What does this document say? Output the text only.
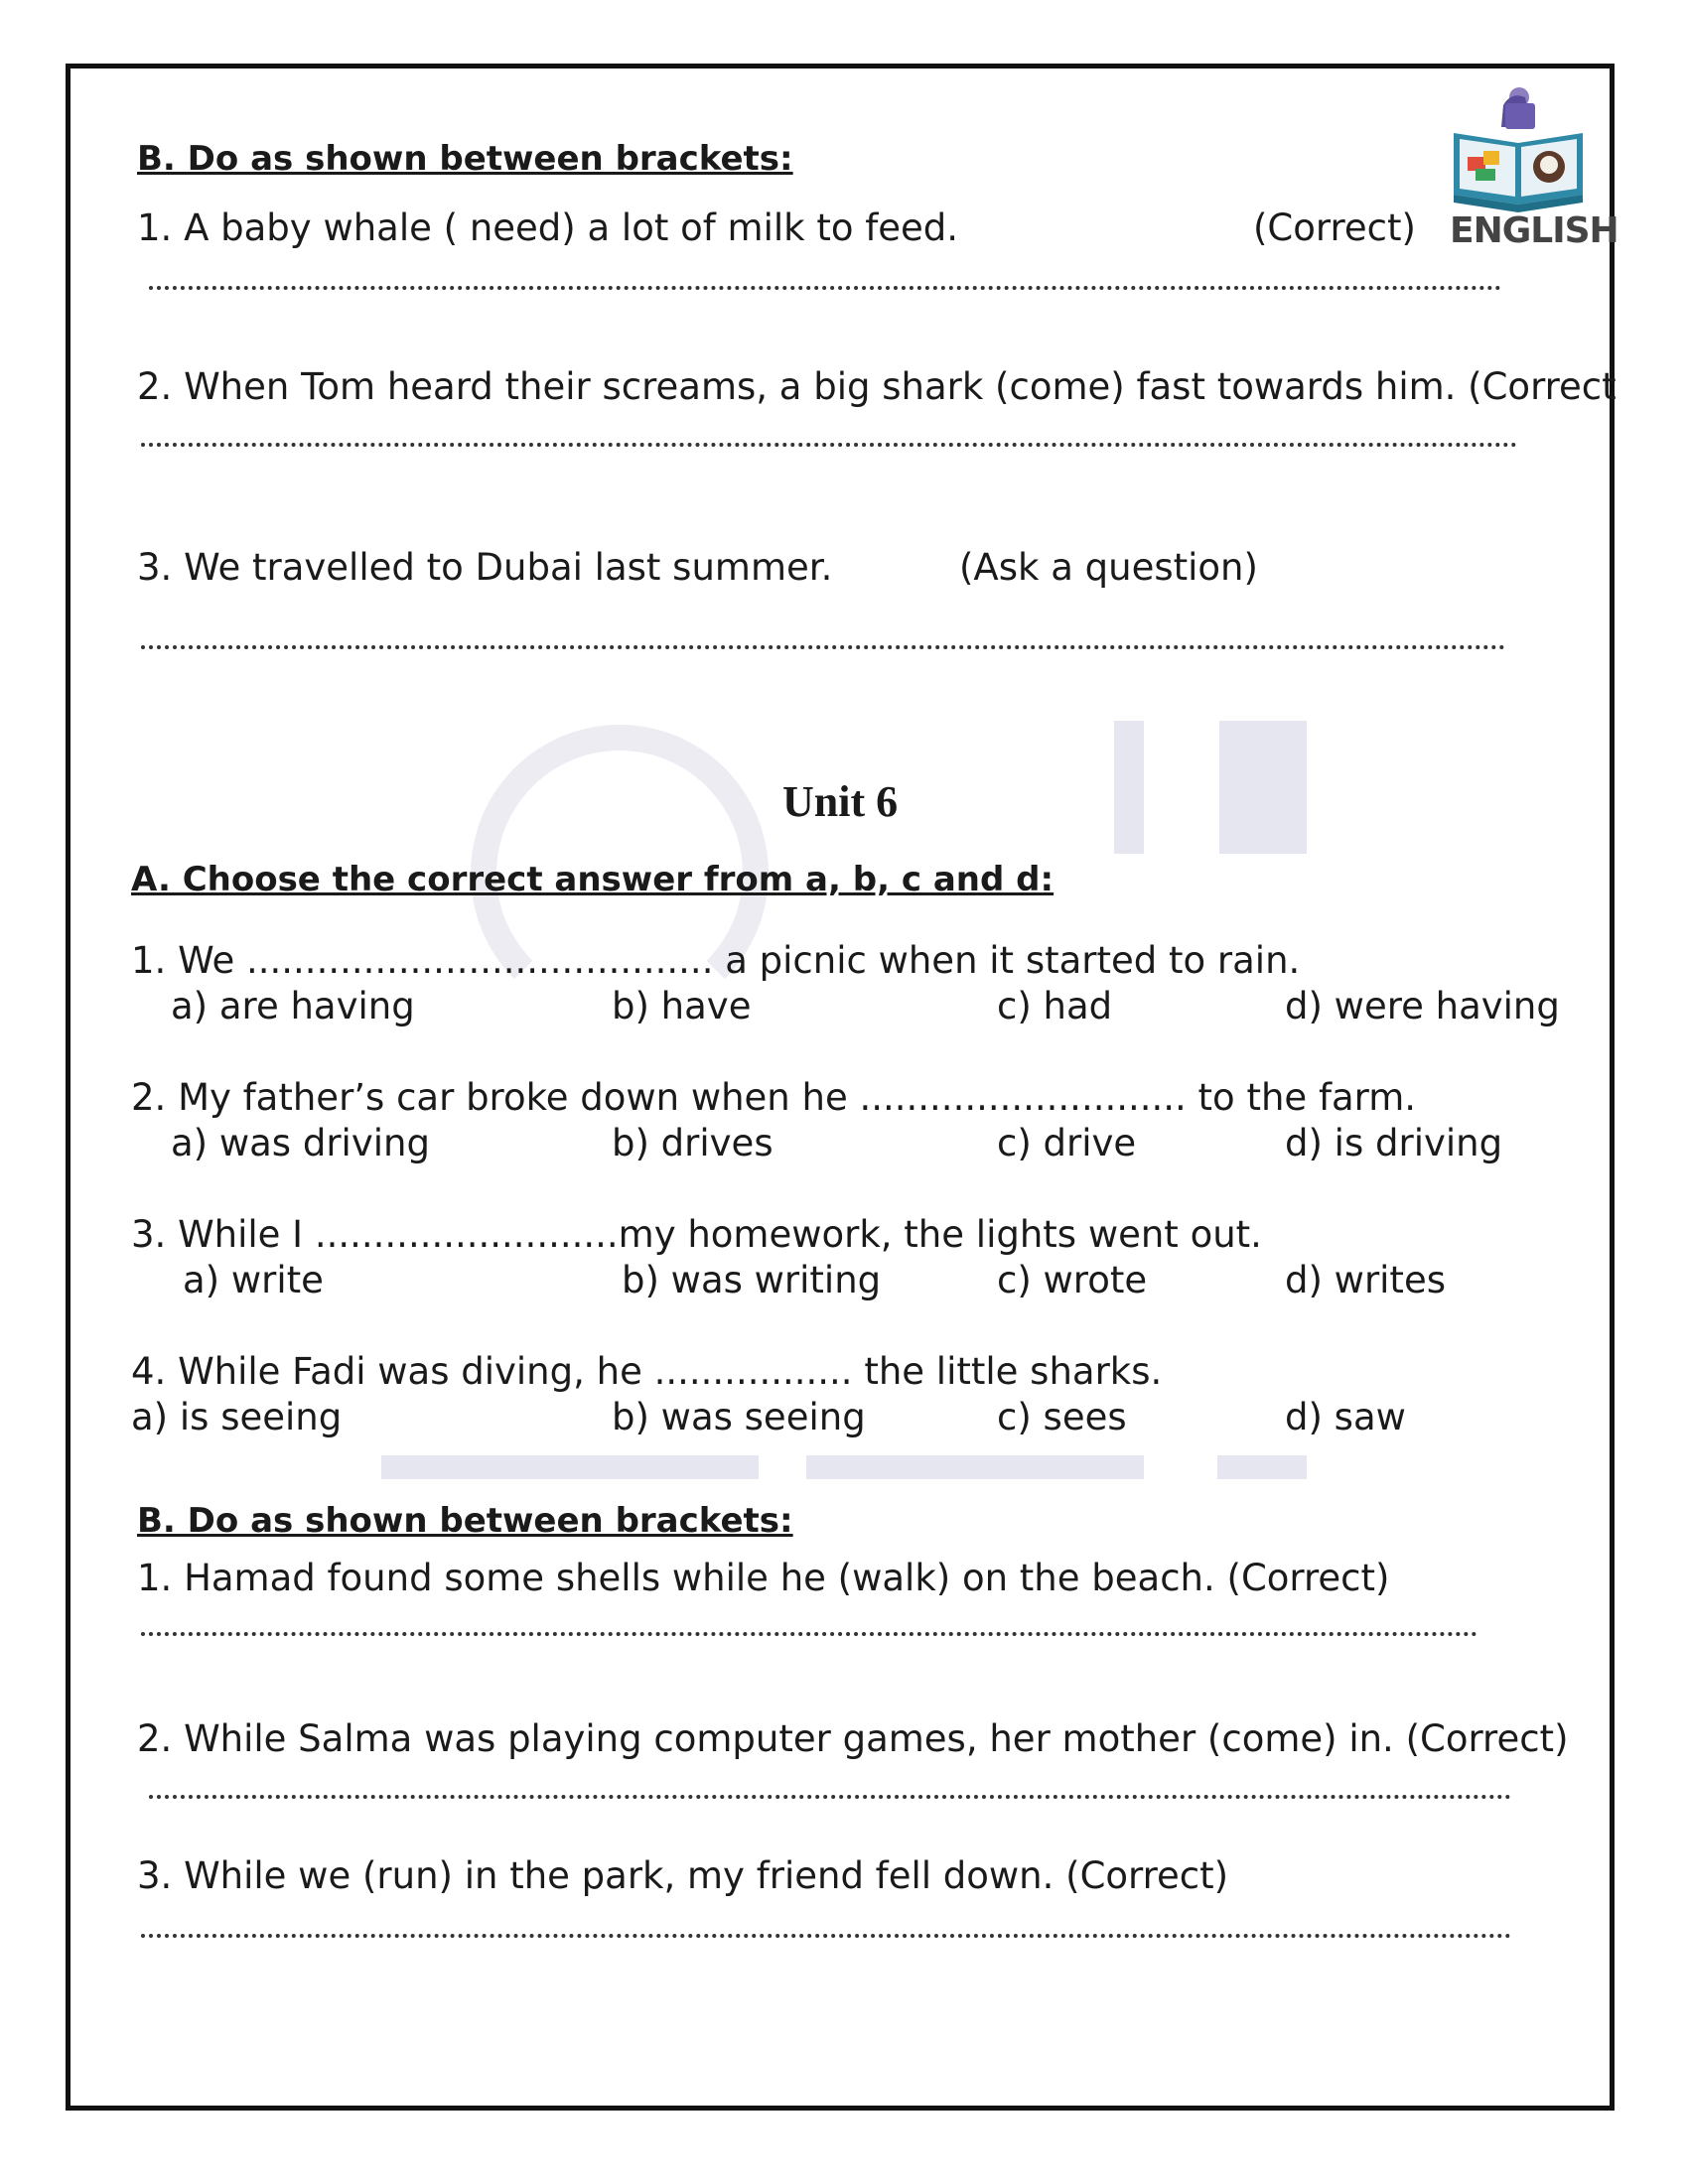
ENGLISH
B. Do as shown between brackets:
1. A baby whale ( need) a lot of milk to feed.	(Correct)
2. When Tom heard their screams, a big shark (come) fast towards him. (Correct
3. We travelled to Dubai last summer.	(Ask a question)
Unit 6
A. Choose the correct answer from a, b, c and d:
1. We ........................................ a picnic when it started to rain.
a) are having	b) have	c) had	d) were having
2. My father’s car broke down when he ............................ to the farm.
a) was driving	b) drives	c) drive	d) is driving
3. While I ..........................my homework, the lights went out.
a) write	b) was writing	c) wrote	d) writes
4. While Fadi was diving, he ................. the little sharks.
a) is seeing	b) was seeing	c) sees	d) saw
B. Do as shown between brackets:
1. Hamad found some shells while he (walk) on the beach. (Correct)
2. While Salma was playing computer games, her mother (come) in. (Correct)
3. While we (run) in the park, my friend fell down. (Correct)
